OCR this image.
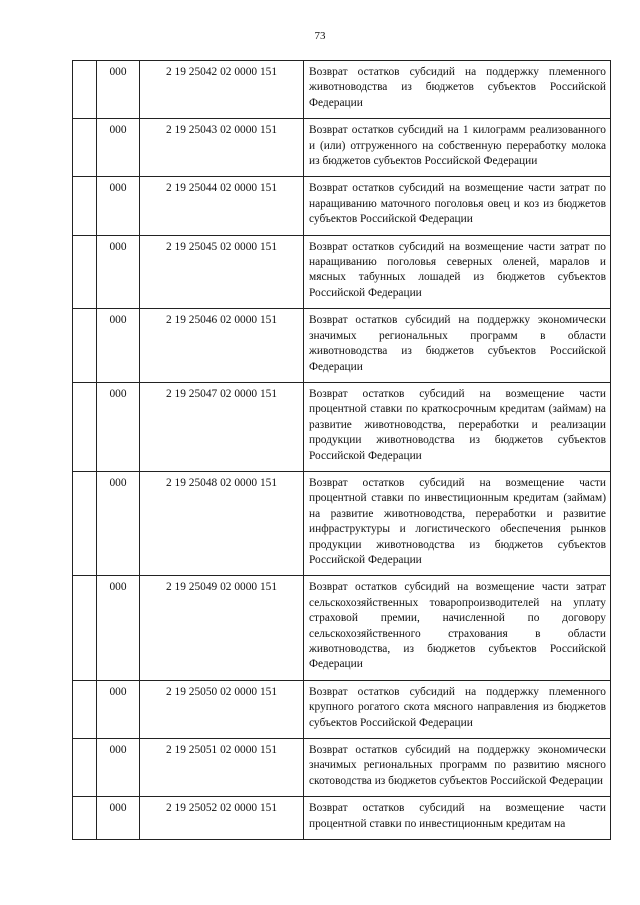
73
	000	2 19 25042 02 0000 151	Возврат остатков субсидий на поддержку племенного животноводства из бюджетов субъектов Российской Федерации
	000	2 19 25043 02 0000 151	Возврат остатков субсидий на 1 килограмм реализованного и (или) отгруженного на собственную переработку молока из бюджетов субъектов Российской Федерации
	000	2 19 25044 02 0000 151	Возврат остатков субсидий на возмещение части затрат по наращиванию маточного поголовья овец и коз из бюджетов субъектов Российской Федерации
	000	2 19 25045 02 0000 151	Возврат остатков субсидий на возмещение части затрат по наращиванию поголовья северных оленей, маралов и мясных табунных лошадей из бюджетов субъектов Российской Федерации
	000	2 19 25046 02 0000 151	Возврат остатков субсидий на поддержку экономически значимых региональных программ в области животноводства из бюджетов субъектов Российской Федерации
	000	2 19 25047 02 0000 151	Возврат остатков субсидий на возмещение части процентной ставки по краткосрочным кредитам (займам) на развитие животноводства, переработки и реализации продукции животноводства из бюджетов субъектов Российской Федерации
	000	2 19 25048 02 0000 151	Возврат остатков субсидий на возмещение части процентной ставки по инвестиционным кредитам (займам) на развитие животноводства, переработки и развитие инфраструктуры и логистического обеспечения рынков продукции животноводства из бюджетов субъектов Российской Федерации
	000	2 19 25049 02 0000 151	Возврат остатков субсидий на возмещение части затрат сельскохозяйственных товаропроизводителей на уплату страховой премии, начисленной по договору сельскохозяйственного страхования в области животноводства, из бюджетов субъектов Российской Федерации
	000	2 19 25050 02 0000 151	Возврат остатков субсидий на поддержку племенного крупного рогатого скота мясного направления из бюджетов субъектов Российской Федерации
	000	2 19 25051 02 0000 151	Возврат остатков субсидий на поддержку экономически значимых региональных программ по развитию мясного скотоводства из бюджетов субъектов Российской Федерации
	000	2 19 25052 02 0000 151	Возврат остатков субсидий на возмещение части процентной ставки по инвестиционным кредитам на
